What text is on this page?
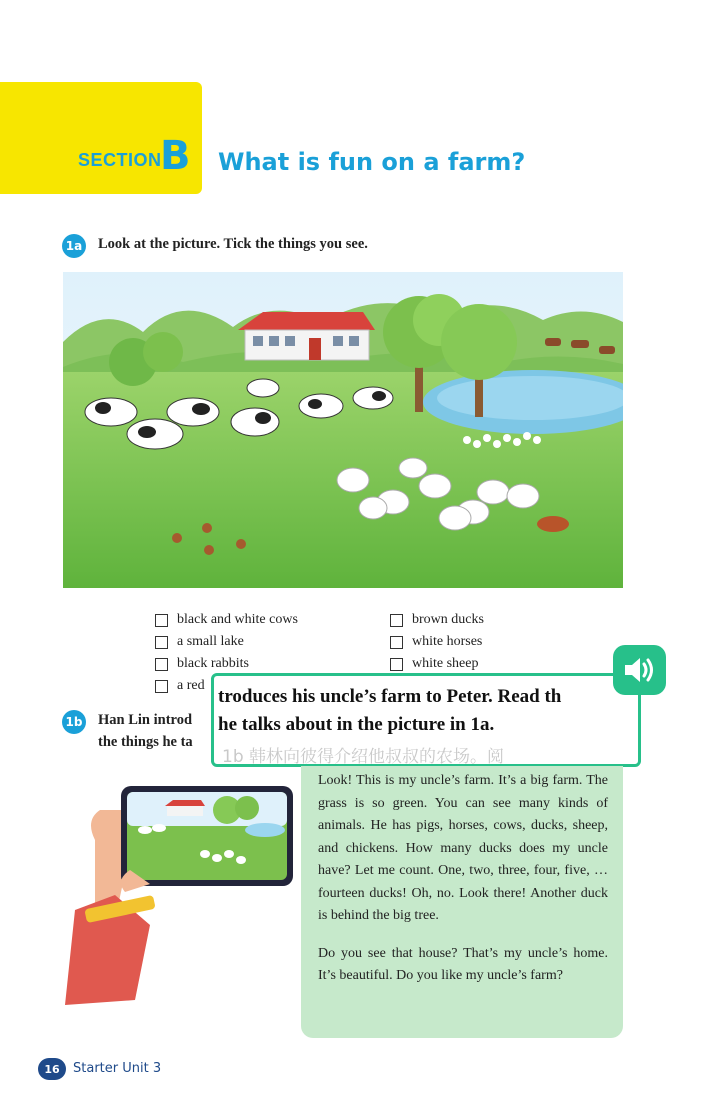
SECTION
B What is fun on a farm?
1a Look at the picture. Tick the things you see.
black and white cows
a small lake
black rabbits
a red
brown ducks
white horses
white sheep
1b Han Lin introd
the things he ta
troduces his uncle’s farm to Peter. Read th
he talks about in the picture in 1a.
1b 韩林向彼得介绍他叔叔的农场。阅

Look! This is my uncle’s farm. It’s a big farm. The grass is so green. You can see many kinds of animals. He has pigs, horses, cows, ducks, sheep, and chickens. How many ducks does my uncle have? Let me count. One, two, three, four, five, … fourteen ducks! Oh, no. Look there! Another duck is behind the big tree.

Do you see that house? That’s my uncle’s home. It’s beautiful. Do you like my uncle’s farm?

16	Starter Unit 3
